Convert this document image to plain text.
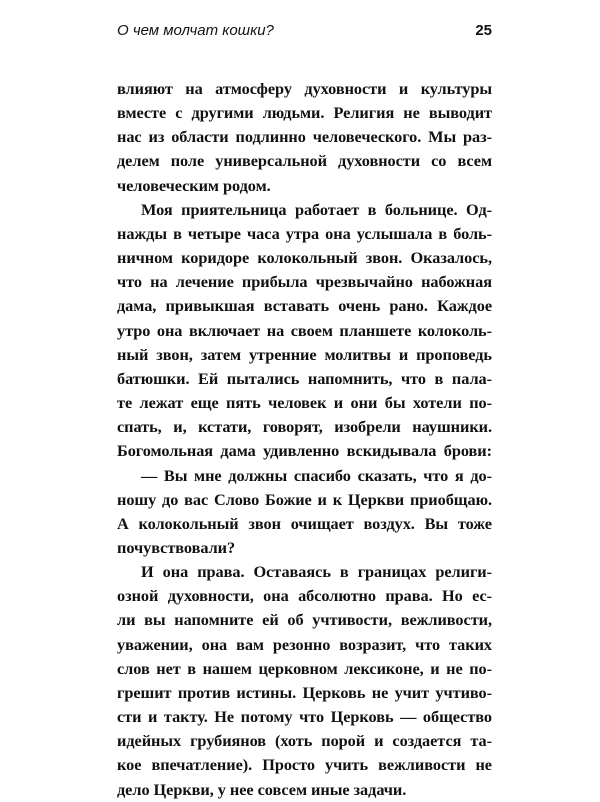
О чем молчат кошки?	25

влияют на атмосферу духовности и культуры
вместе с другими людьми. Религия не выводит
нас из области подлинно человеческого. Мы раз-
делем поле универсальной духовности со всем
человеческим родом.

Моя приятельница работает в больнице. Од-
нажды в четыре часа утра она услышала в боль-
ничном коридоре колокольный звон. Оказалось,
что на лечение прибыла чрезвычайно набожная
дама, привыкшая вставать очень рано. Каждое
утро она включает на своем планшете колоколь-
ный звон, затем утренние молитвы и проповедь
батюшки. Ей пытались напомнить, что в пала-
те лежат еще пять человек и они бы хотели по-
спать, и, кстати, говорят, изобрели наушники.
Богомольная дама удивленно вскидывала брови:

— Вы мне должны спасибо сказать, что я до-
ношу до вас Слово Божие и к Церкви приобщаю.
А колокольный звон очищает воздух. Вы тоже
почувствовали?

И она права. Оставаясь в границах религи-
озной духовности, она абсолютно права. Но ес-
ли вы напомните ей об учтивости, вежливости,
уважении, она вам резонно возразит, что таких
слов нет в нашем церковном лексиконе, и не по-
грешит против истины. Церковь не учит учтиво-
сти и такту. Не потому что Церковь — общество
идейных грубиянов (хоть порой и создается та-
кое впечатление). Просто учить вежливости не
дело Церкви, у нее совсем иные задачи.
